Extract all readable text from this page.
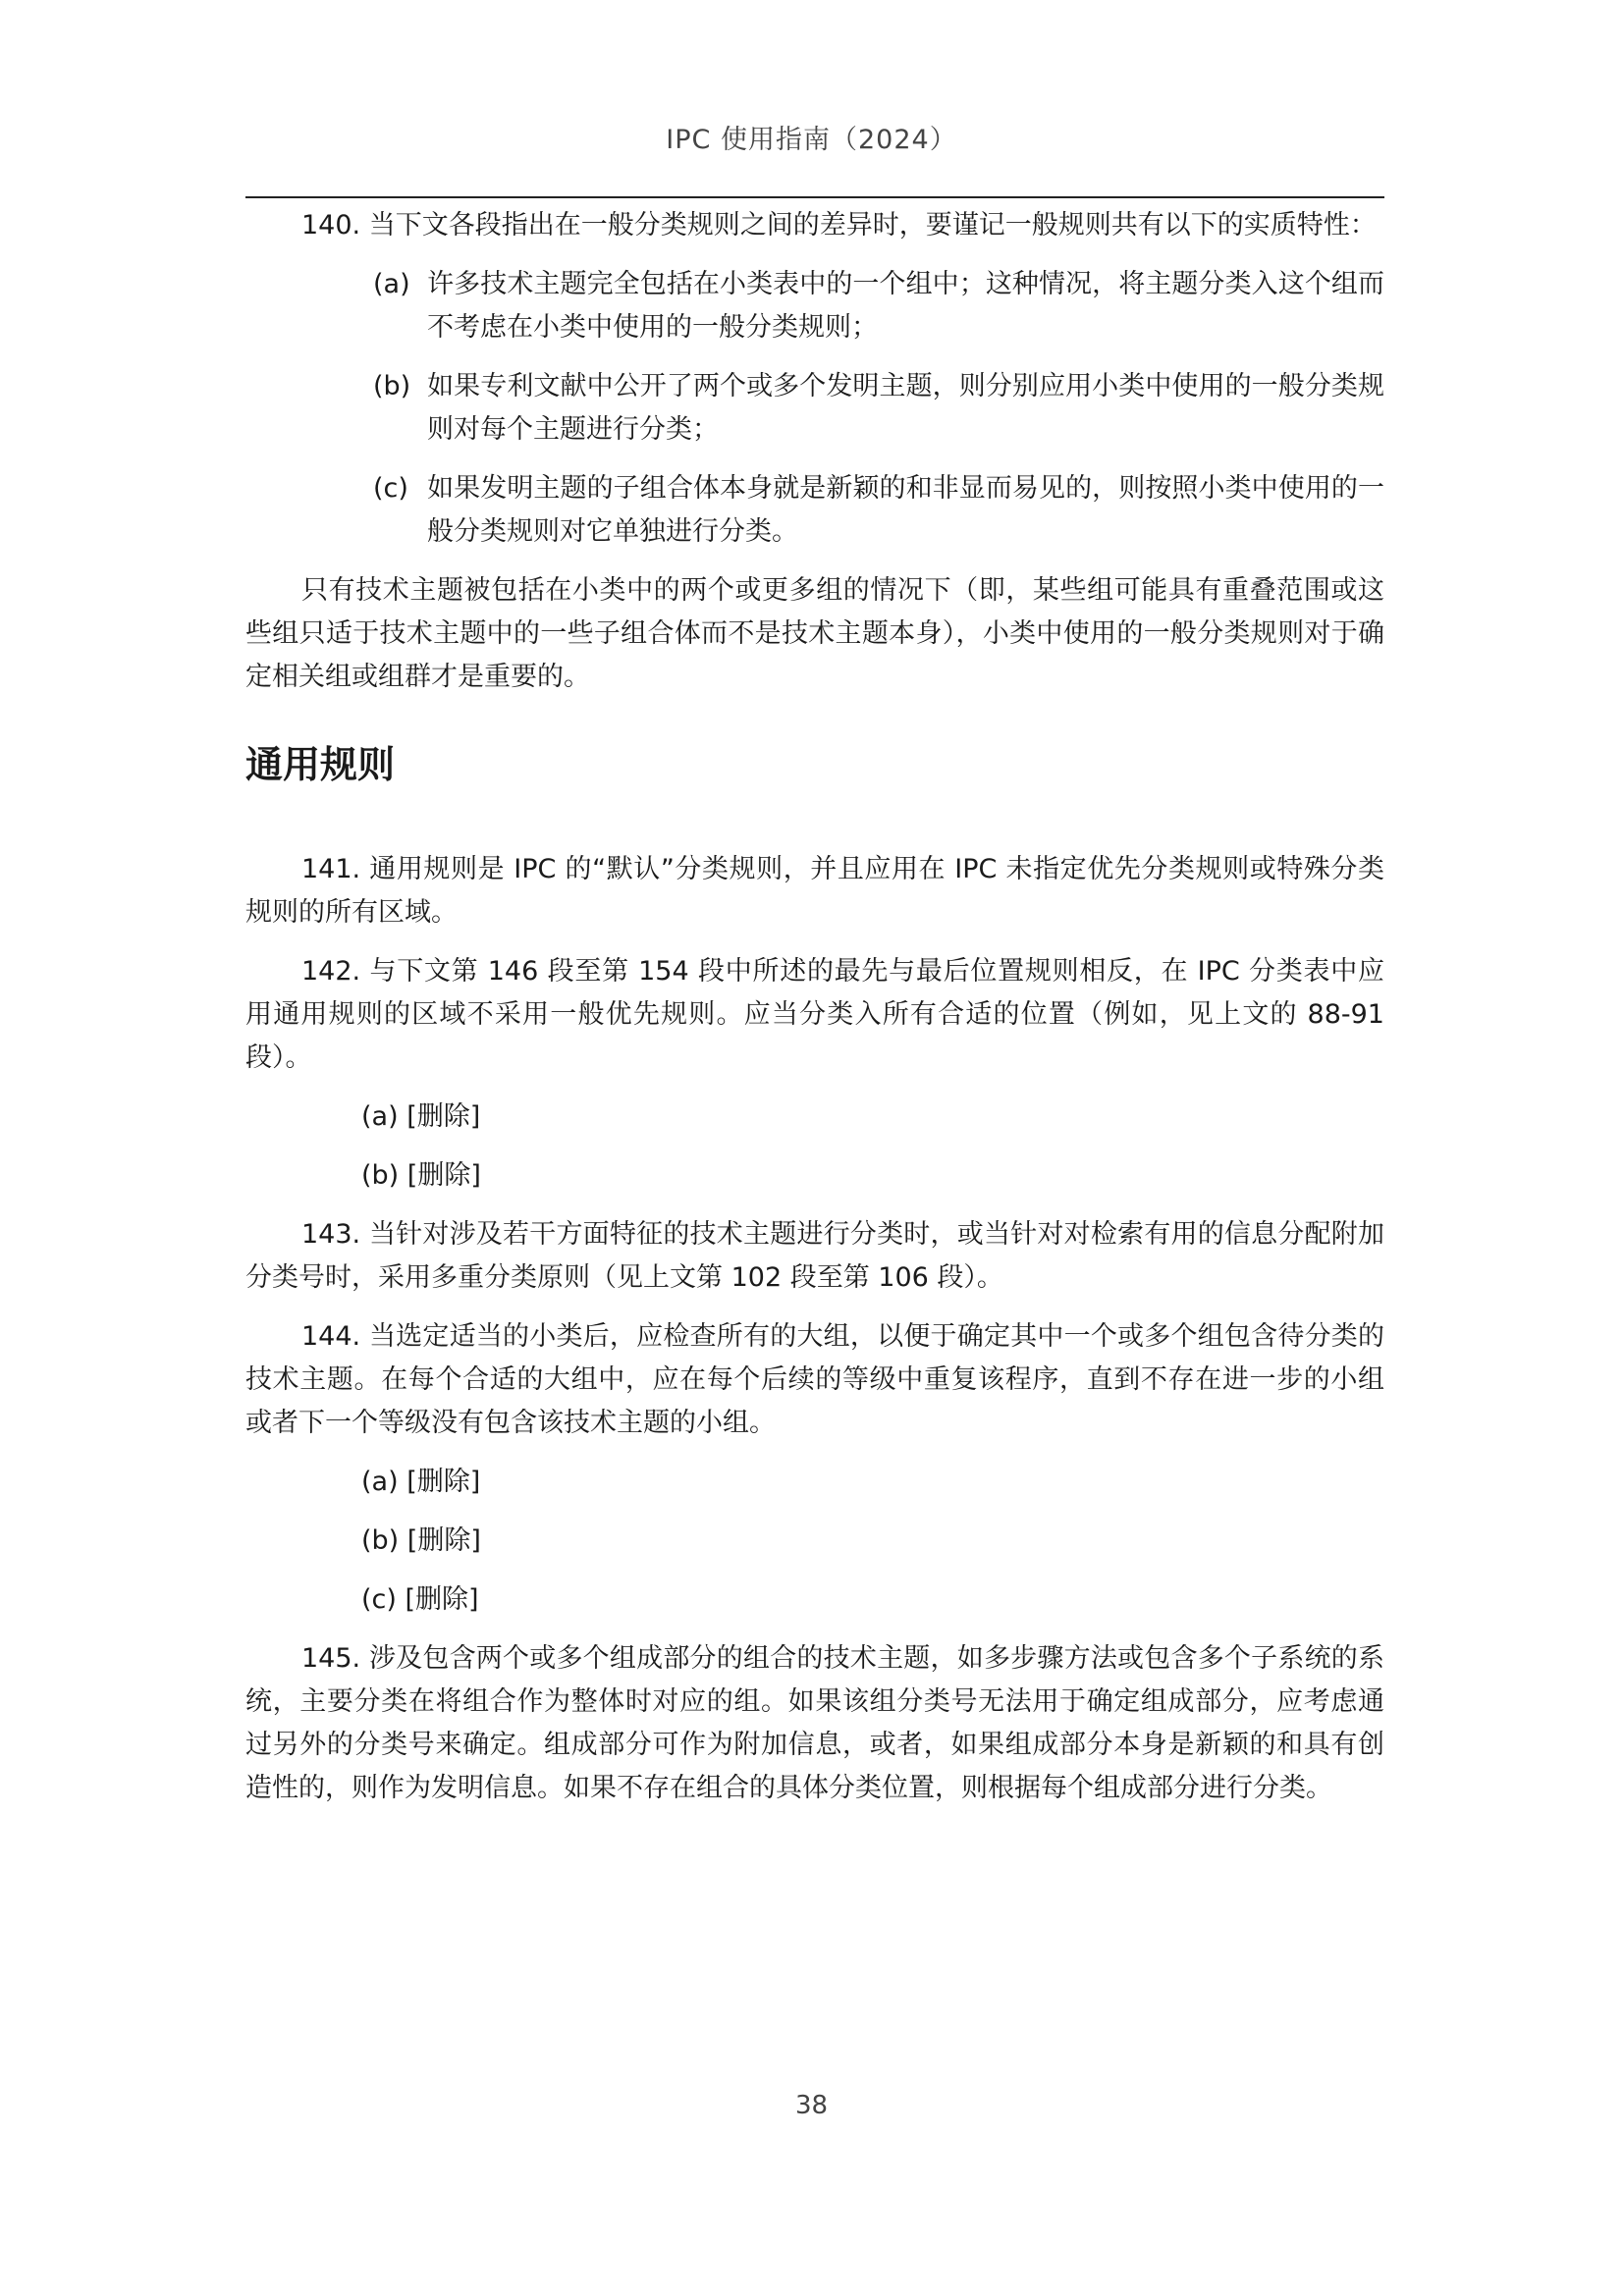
IPC 使用指南（2024）

140. 当下文各段指出在一般分类规则之间的差异时，要谨记一般规则共有以下的实质特性：

(a) 许多技术主题完全包括在小类表中的一个组中；这种情况，将主题分类入这个组而不考虑在小类中使用的一般分类规则；

(b) 如果专利文献中公开了两个或多个发明主题，则分别应用小类中使用的一般分类规则对每个主题进行分类；

(c) 如果发明主题的子组合体本身就是新颖的和非显而易见的，则按照小类中使用的一般分类规则对它单独进行分类。

只有技术主题被包括在小类中的两个或更多组的情况下（即，某些组可能具有重叠范围或这些组只适于技术主题中的一些子组合体而不是技术主题本身），小类中使用的一般分类规则对于确定相关组或组群才是重要的。

通用规则

141. 通用规则是 IPC 的“默认”分类规则，并且应用在 IPC 未指定优先分类规则或特殊分类规则的所有区域。

142. 与下文第 146 段至第 154 段中所述的最先与最后位置规则相反，在 IPC 分类表中应用通用规则的区域不采用一般优先规则。应当分类入所有合适的位置（例如，见上文的 88-91 段）。

(a) [删除]

(b) [删除]

143. 当针对涉及若干方面特征的技术主题进行分类时，或当针对对检索有用的信息分配附加分类号时，采用多重分类原则（见上文第 102 段至第 106 段）。

144. 当选定适当的小类后，应检查所有的大组，以便于确定其中一个或多个组包含待分类的技术主题。在每个合适的大组中，应在每个后续的等级中重复该程序，直到不存在进一步的小组或者下一个等级没有包含该技术主题的小组。

(a) [删除]

(b) [删除]

(c) [删除]

145. 涉及包含两个或多个组成部分的组合的技术主题，如多步骤方法或包含多个子系统的系统，主要分类在将组合作为整体时对应的组。如果该组分类号无法用于确定组成部分，应考虑通过另外的分类号来确定。组成部分可作为附加信息，或者，如果组成部分本身是新颖的和具有创造性的，则作为发明信息。如果不存在组合的具体分类位置，则根据每个组成部分进行分类。

38
